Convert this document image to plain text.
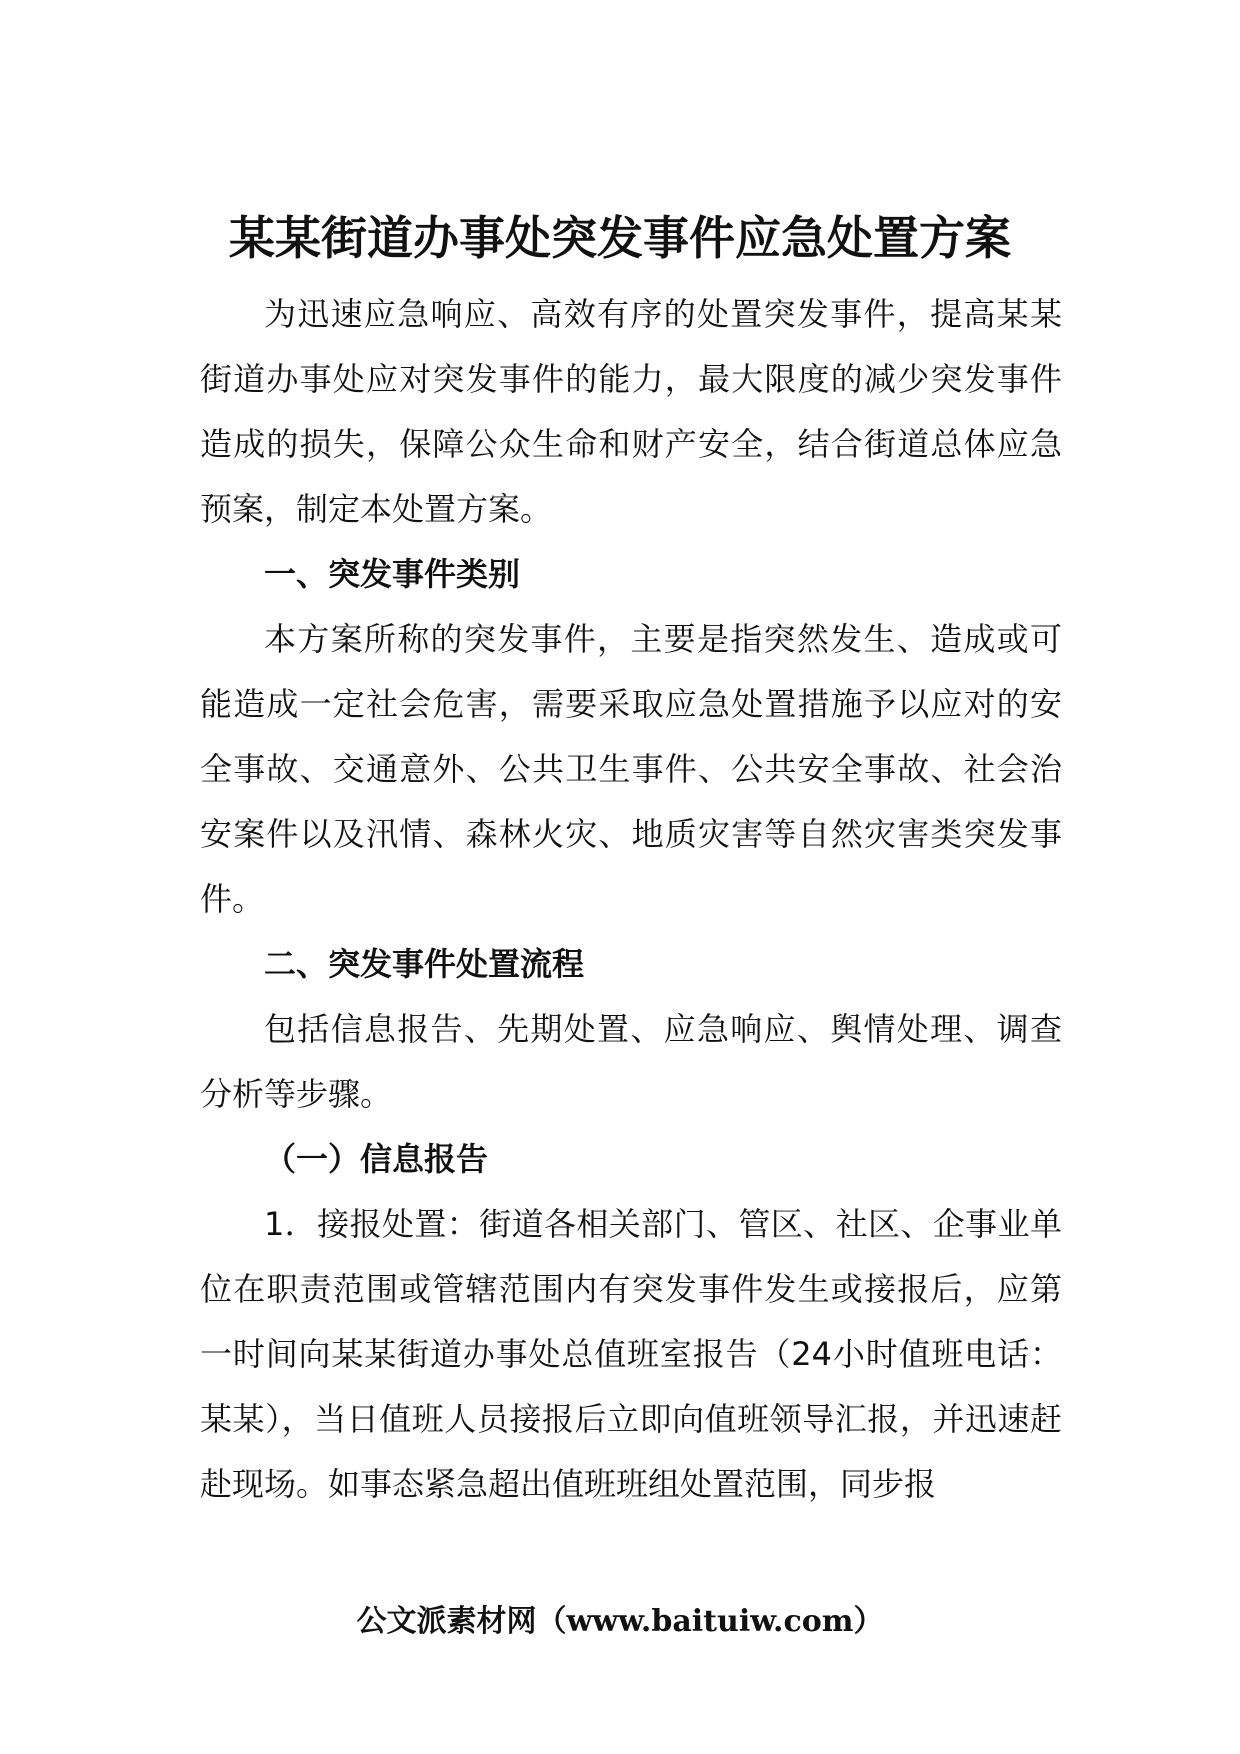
某某街道办事处突发事件应急处置方案

为迅速应急响应、高效有序的处置突发事件，提高某某街道办事处应对突发事件的能力，最大限度的减少突发事件造成的损失，保障公众生命和财产安全，结合街道总体应急预案，制定本处置方案。

一、突发事件类别

本方案所称的突发事件，主要是指突然发生、造成或可能造成一定社会危害，需要采取应急处置措施予以应对的安全事故、交通意外、公共卫生事件、公共安全事故、社会治安案件以及汛情、森林火灾、地质灾害等自然灾害类突发事件。

二、突发事件处置流程

包括信息报告、先期处置、应急响应、舆情处理、调查分析等步骤。

（一）信息报告

1．接报处置：街道各相关部门、管区、社区、企事业单位在职责范围或管辖范围内有突发事件发生或接报后，应第一时间向某某街道办事处总值班室报告（24小时值班电话：某某），当日值班人员接报后立即向值班领导汇报，并迅速赶赴现场。如事态紧急超出值班班组处置范围，同步报

公文派素材网（www.baituiw.com）
